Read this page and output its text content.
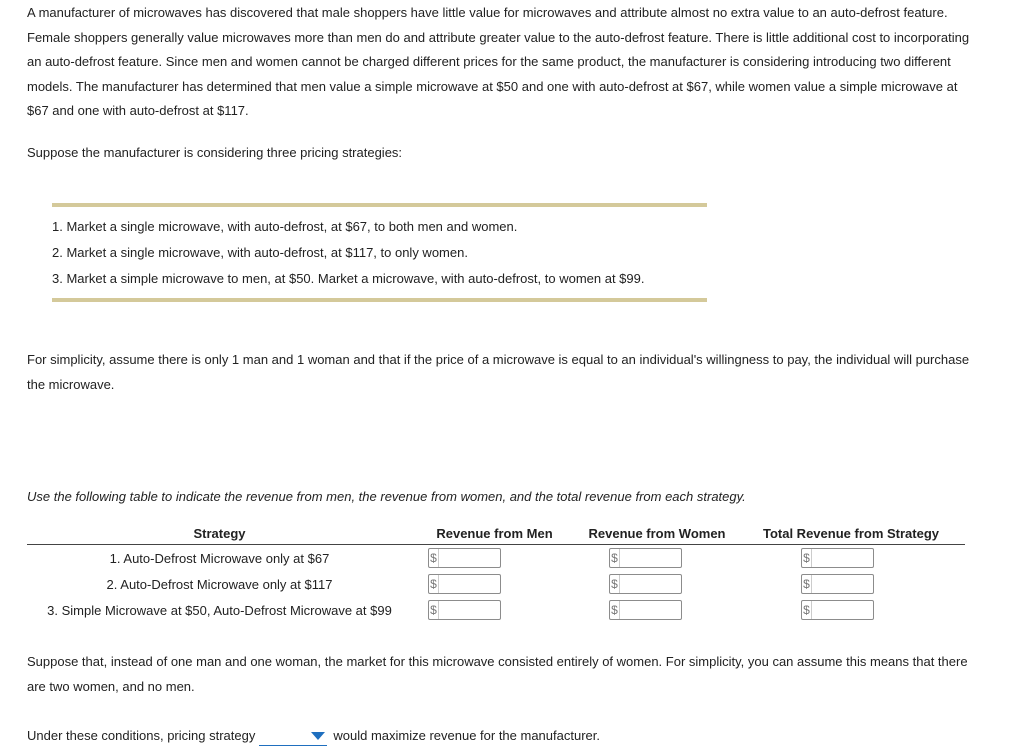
A manufacturer of microwaves has discovered that male shoppers have little value for microwaves and attribute almost no extra value to an auto-defrost feature. Female shoppers generally value microwaves more than men do and attribute greater value to the auto-defrost feature. There is little additional cost to incorporating an auto-defrost feature. Since men and women cannot be charged different prices for the same product, the manufacturer is considering introducing two different models. The manufacturer has determined that men value a simple microwave at $50 and one with auto-defrost at $67, while women value a simple microwave at $67 and one with auto-defrost at $117.

Suppose the manufacturer is considering three pricing strategies:

1. Market a single microwave, with auto-defrost, at $67, to both men and women.
2. Market a single microwave, with auto-defrost, at $117, to only women.
3. Market a simple microwave to men, at $50. Market a microwave, with auto-defrost, to women at $99.

For simplicity, assume there is only 1 man and 1 woman and that if the price of a microwave is equal to an individual's willingness to pay, the individual will purchase the microwave.

Use the following table to indicate the revenue from men, the revenue from women, and the total revenue from each strategy.

Strategy	Revenue from Men	Revenue from Women	Total Revenue from Strategy
1. Auto-Defrost Microwave only at $67	$	$	$

2. Auto-Defrost Microwave only at $117	$	$	$

3. Simple Microwave at $50, Auto-Defrost Microwave at $99	$	$	$

Suppose that, instead of one man and one woman, the market for this microwave consisted entirely of women. For simplicity, you can assume this means that there are two women, and no men.

Under these conditions, pricing strategy	would maximize revenue for the manufacturer.
